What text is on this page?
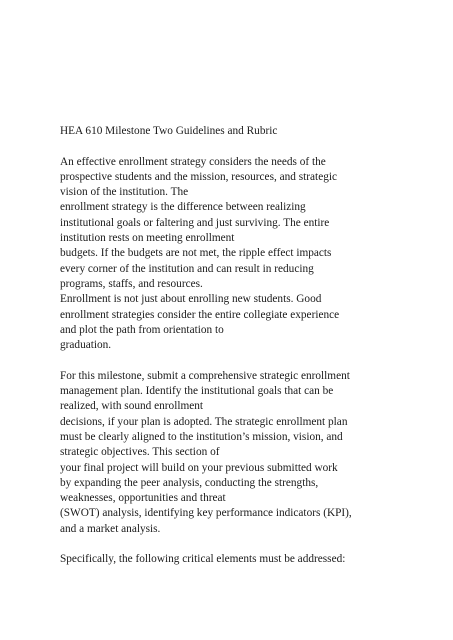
HEA 610 Milestone Two Guidelines and Rubric
An effective enrollment strategy considers the needs of the
prospective students and the mission, resources, and strategic
vision of the institution. The
enrollment strategy is the difference between realizing
institutional goals or faltering and just surviving. The entire
institution rests on meeting enrollment
budgets. If the budgets are not met, the ripple effect impacts
every corner of the institution and can result in reducing
programs, staffs, and resources.
Enrollment is not just about enrolling new students. Good
enrollment strategies consider the entire collegiate experience
and plot the path from orientation to
graduation.
For this milestone, submit a comprehensive strategic enrollment
management plan. Identify the institutional goals that can be
realized, with sound enrollment
decisions, if your plan is adopted. The strategic enrollment plan
must be clearly aligned to the institution’s mission, vision, and
strategic objectives. This section of
your final project will build on your previous submitted work
by expanding the peer analysis, conducting the strengths,
weaknesses, opportunities and threat
(SWOT) analysis, identifying key performance indicators (KPI),
and a market analysis.
Specifically, the following critical elements must be addressed:
